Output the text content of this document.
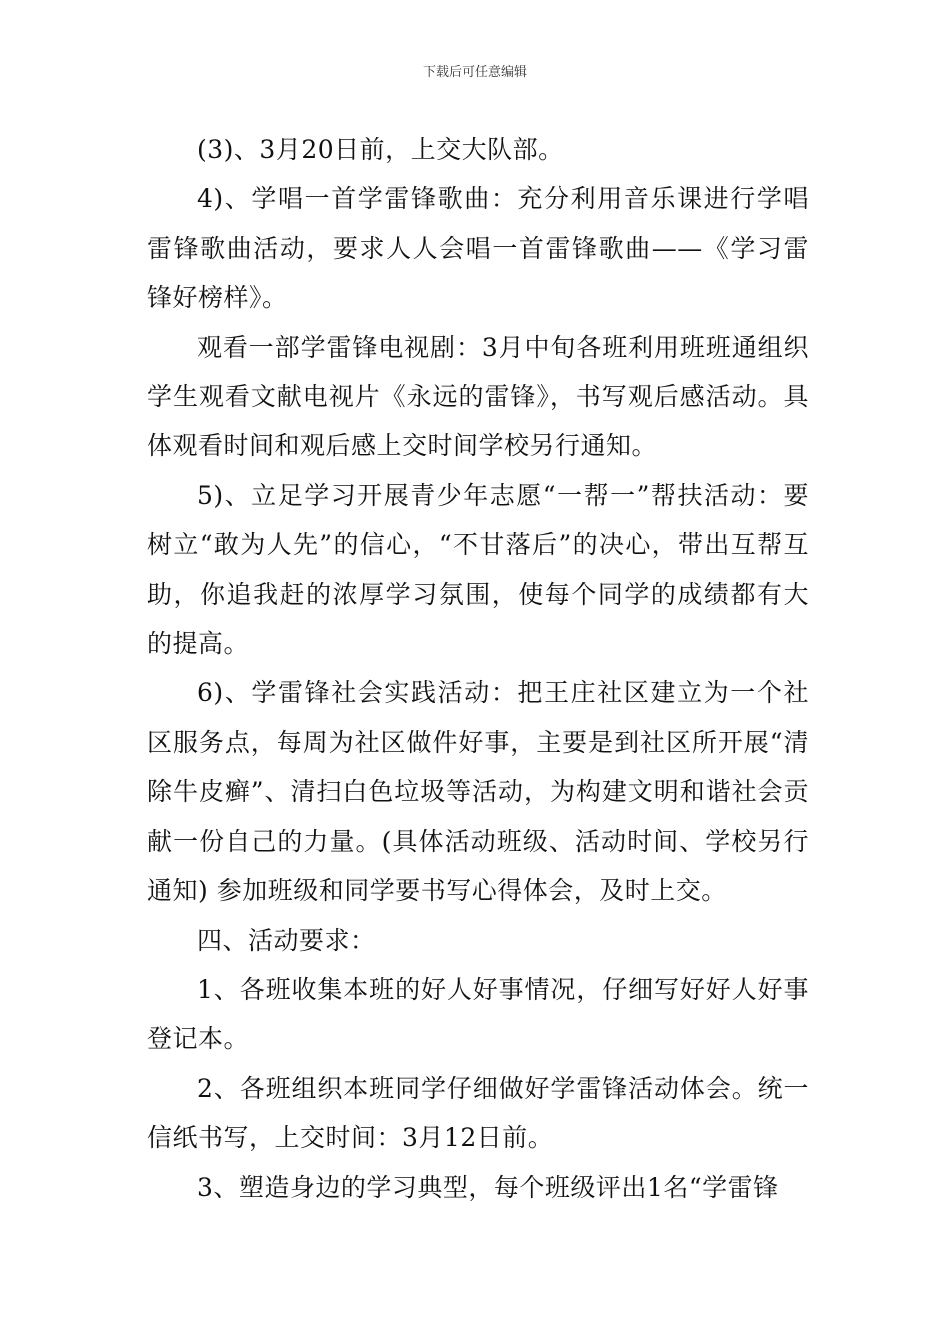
下载后可任意编辑

(3)、3月20日前，上交大队部。

4)、学唱一首学雷锋歌曲：充分利用音乐课进行学唱雷锋歌曲活动，要求人人会唱一首雷锋歌曲——《学习雷锋好榜样》。

观看一部学雷锋电视剧：3月中旬各班利用班班通组织学生观看文献电视片《永远的雷锋》，书写观后感活动。具体观看时间和观后感上交时间学校另行通知。

5)、立足学习开展青少年志愿“一帮一”帮扶活动：要树立“敢为人先”的信心，“不甘落后”的决心，带出互帮互助，你追我赶的浓厚学习氛围，使每个同学的成绩都有大的提高。

6)、学雷锋社会实践活动：把王庄社区建立为一个社区服务点，每周为社区做件好事，主要是到社区所开展“清除牛皮癣”、清扫白色垃圾等活动，为构建文明和谐社会贡献一份自己的力量。(具体活动班级、活动时间、学校另行通知) 参加班级和同学要书写心得体会，及时上交。

四、活动要求：

1、各班收集本班的好人好事情况，仔细写好好人好事登记本。

2、各班组织本班同学仔细做好学雷锋活动体会。统一信纸书写，上交时间：3月12日前。

3、塑造身边的学习典型，每个班级评出1名“学雷锋
